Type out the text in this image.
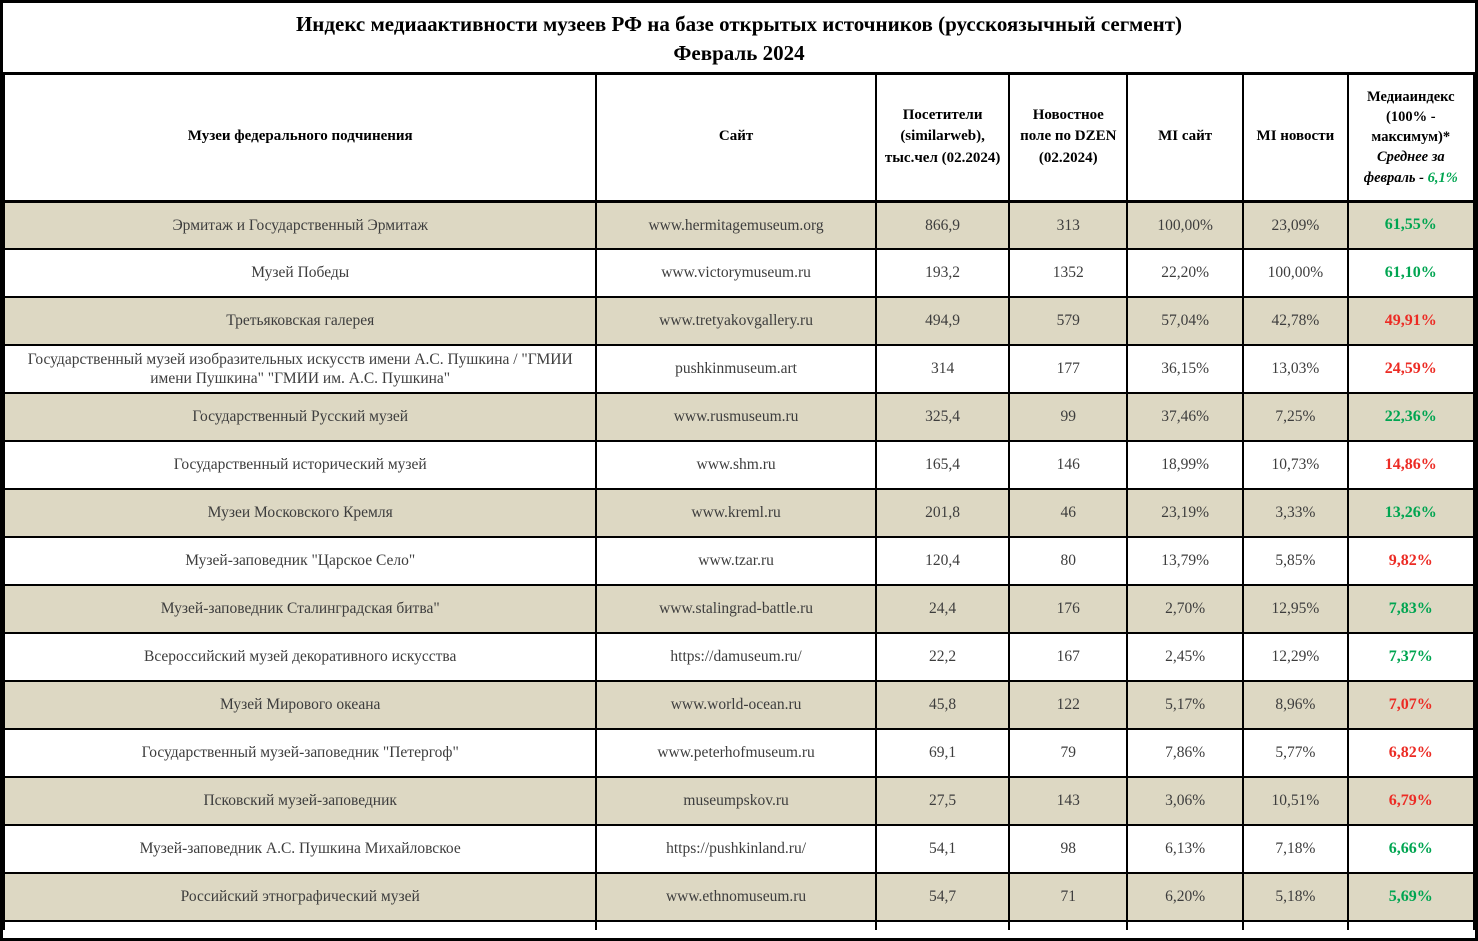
Индекс медиаактивности музеев РФ на базе открытых источников (русскоязычный сегмент)
Февраль 2024
Музеи федерального подчинения	Сайт	Посетители (similarweb), тыс.чел (02.2024)	Новостное поле по DZEN (02.2024)	MI сайт	MI новости	Медиаиндекс (100% - максимум)* Среднее за февраль - 6,1%
Эрмитаж и Государственный Эрмитаж	www.hermitagemuseum.org	866,9	313	100,00%	23,09%	61,55%
Музей Победы	www.victorymuseum.ru	193,2	1352	22,20%	100,00%	61,10%
Третьяковская галерея	www.tretyakovgallery.ru	494,9	579	57,04%	42,78%	49,91%
Государственный музей изобразительных искусств имени А.С. Пушкина / "ГМИИ имени Пушкина" "ГМИИ им. А.С. Пушкина"	pushkinmuseum.art	314	177	36,15%	13,03%	24,59%
Государственный Русский музей	www.rusmuseum.ru	325,4	99	37,46%	7,25%	22,36%
Государственный исторический музей	www.shm.ru	165,4	146	18,99%	10,73%	14,86%
Музеи Московского Кремля	www.kreml.ru	201,8	46	23,19%	3,33%	13,26%
Музей-заповедник "Царское Село"	www.tzar.ru	120,4	80	13,79%	5,85%	9,82%
Музей-заповедник Сталинградская битва"	www.stalingrad-battle.ru	24,4	176	2,70%	12,95%	7,83%
Всероссийский музей декоративного искусства	https://damuseum.ru/	22,2	167	2,45%	12,29%	7,37%
Музей Мирового океана	www.world-ocean.ru	45,8	122	5,17%	8,96%	7,07%
Государственный музей-заповедник "Петергоф"	www.peterhofmuseum.ru	69,1	79	7,86%	5,77%	6,82%
Псковский музей-заповедник	museumpskov.ru	27,5	143	3,06%	10,51%	6,79%
Музей-заповедник А.С. Пушкина Михайловское	https://pushkinland.ru/	54,1	98	6,13%	7,18%	6,66%
Российский этнографический музей	www.ethnomuseum.ru	54,7	71	6,20%	5,18%	5,69%
